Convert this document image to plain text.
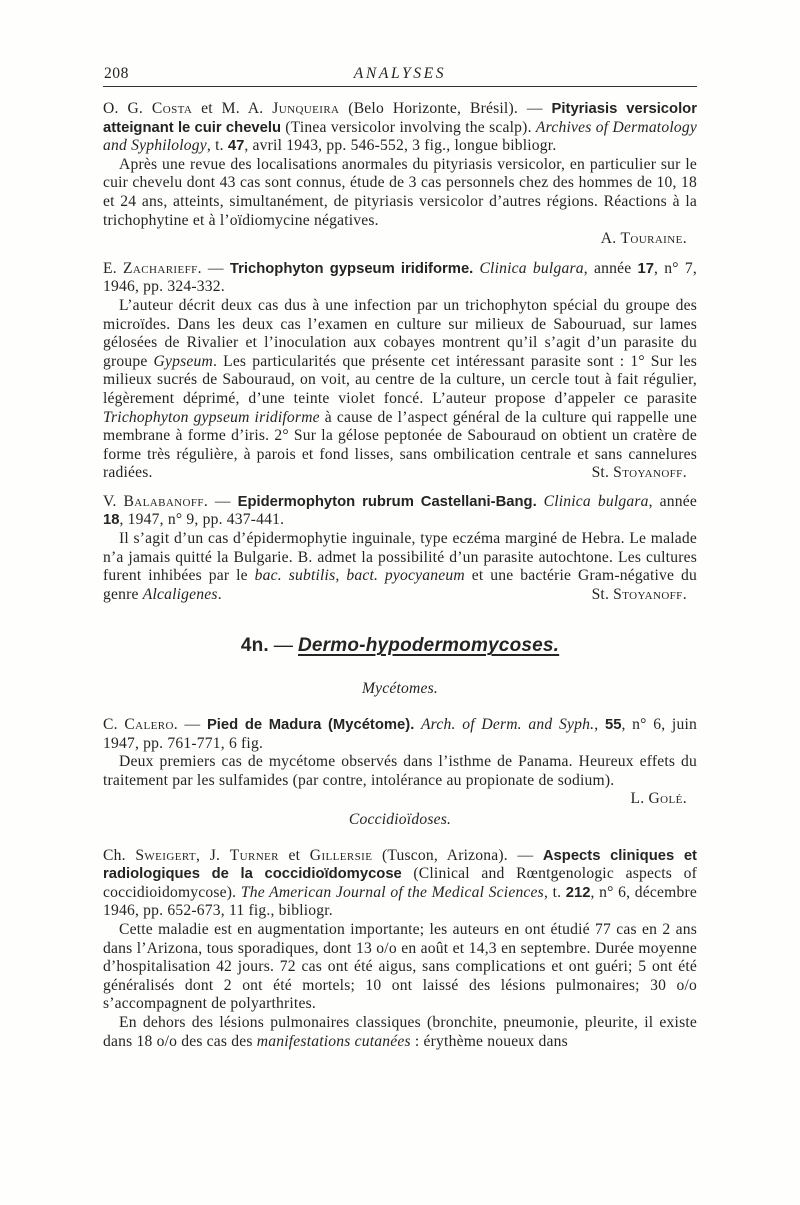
208	ANALYSES

O. G. Costa et M. A. Junqueira (Belo Horizonte, Brésil). — Pityriasis versicolor atteignant le cuir chevelu (Tinea versicolor involving the scalp). Archives of Dermatology and Syphilology, t. 47, avril 1943, pp. 546-552, 3 fig., longue bibliogr.

Après une revue des localisations anormales du pityriasis versicolor, en particulier sur le cuir chevelu dont 43 cas sont connus, étude de 3 cas personnels chez des hommes de 10, 18 et 24 ans, atteints, simultanément, de pityriasis versicolor d’autres régions. Réactions à la trichophytine et à l’oïdiomycine négatives.

A. Touraine.

E. Zacharieff. — Trichophyton gypseum iridiforme. Clinica bulgara, année 17, n° 7, 1946, pp. 324-332.

L’auteur décrit deux cas dus à une infection par un trichophyton spécial du groupe des microïdes. Dans les deux cas l’examen en culture sur milieux de Sabouruad, sur lames gélosées de Rivalier et l’inoculation aux cobayes montrent qu’il s’agit d’un parasite du groupe Gypseum. Les particularités que présente cet intéressant parasite sont : 1° Sur les milieux sucrés de Sabouraud, on voit, au centre de la culture, un cercle tout à fait régulier, légèrement déprimé, d’une teinte violet foncé. L’auteur propose d’appeler ce parasite Trichophyton gypseum iridiforme à cause de l’aspect général de la culture qui rappelle une membrane à forme d’iris. 2° Sur la gélose peptonée de Sabouraud on obtient un cratère de forme très régulière, à parois et fond lisses, sans ombilication centrale et sans cannelures radiées.	St. Stoyanoff.

V. Balabanoff. — Epidermophyton rubrum Castellani-Bang. Clinica bulgara, année 18, 1947, n° 9, pp. 437-441.

Il s’agit d’un cas d’épidermophytie inguinale, type eczéma marginé de Hebra. Le malade n’a jamais quitté la Bulgarie. B. admet la possibilité d’un parasite autochtone. Les cultures furent inhibées par le bac. subtilis, bact. pyocyaneum et une bactérie Gram-négative du genre Alcaligenes.	St. Stoyanoff.

4n. — Dermo-hypodermomycoses.
Mycétomes.

C. Calero. — Pied de Madura (Mycétome). Arch. of Derm. and Syph., 55, n° 6, juin 1947, pp. 761-771, 6 fig.

Deux premiers cas de mycétome observés dans l’isthme de Panama. Heureux effets du traitement par les sulfamides (par contre, intolérance au propionate de sodium).

L. Golé.
Coccidioïdoses.

Ch. Sweigert, J. Turner et Gillersie (Tuscon, Arizona). — Aspects cliniques et radiologiques de la coccidioïdomycose (Clinical and Rœntgenologic aspects of coccidioidomycose). The American Journal of the Medical Sciences, t. 212, n° 6, décembre 1946, pp. 652-673, 11 fig., bibliogr.

Cette maladie est en augmentation importante; les auteurs en ont étudié 77 cas en 2 ans dans l’Arizona, tous sporadiques, dont 13 o/o en août et 14,3 en septembre. Durée moyenne d’hospitalisation 42 jours. 72 cas ont été aigus, sans complications et ont guéri; 5 ont été généralisés dont 2 ont été mortels; 10 ont laissé des lésions pulmonaires; 30 o/o s’accompagnent de polyarthrites.

En dehors des lésions pulmonaires classiques (bronchite, pneumonie, pleurite, il existe dans 18 o/o des cas des manifestations cutanées : érythème noueux dans
